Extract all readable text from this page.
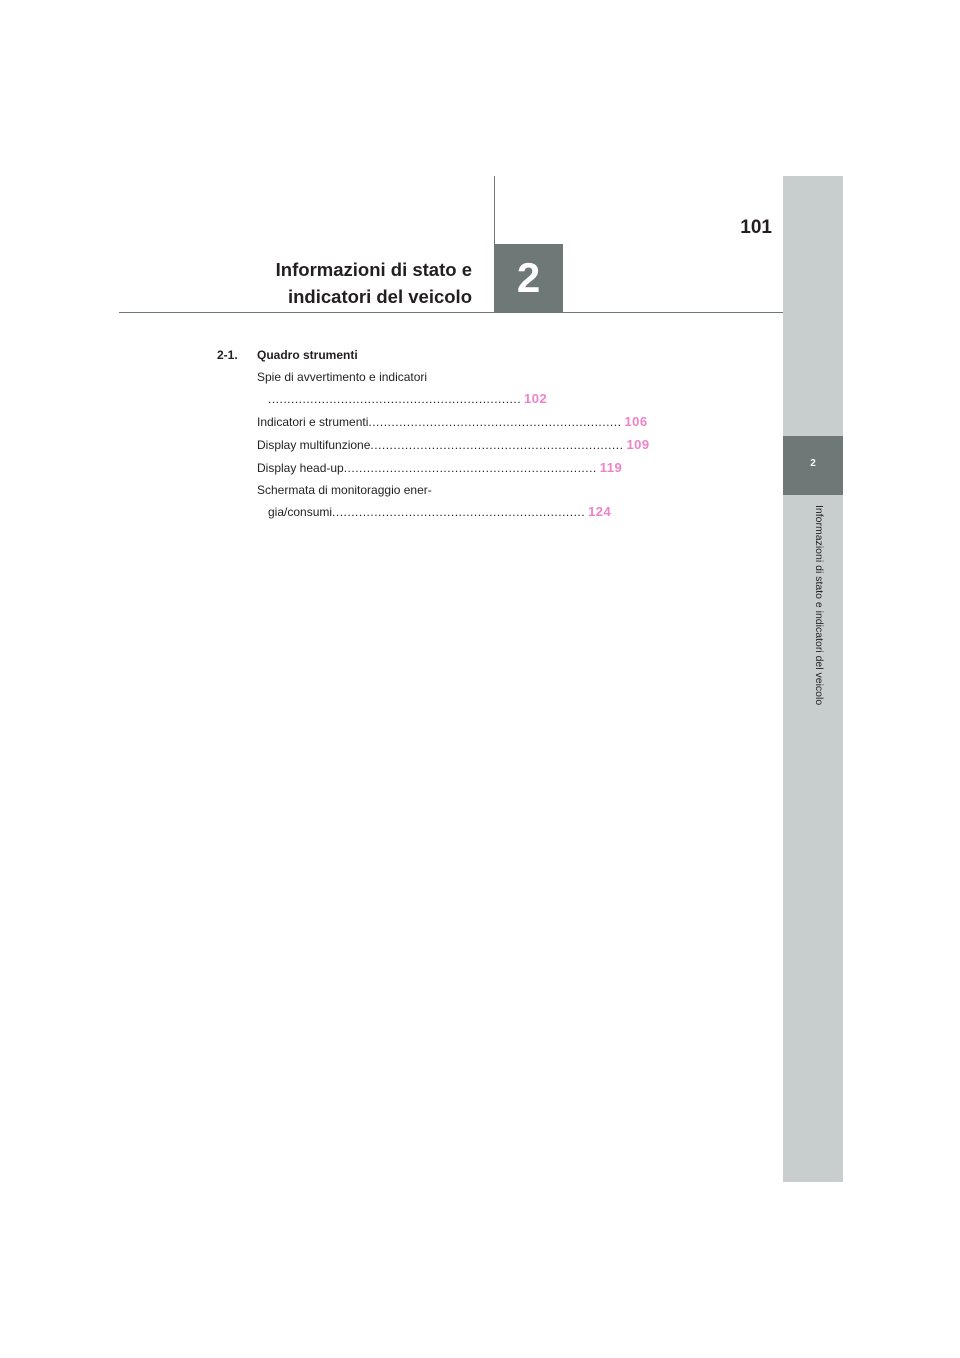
2
Informazioni di stato e indicatori del veicolo
2
101
Informazioni di stato e
indicatori del veicolo
2-1. Quadro strumenti
Spie di avvertimento e indicatori
.................................................................. 102
Indicatori e strumenti .................................................................. 106
Display multifunzione .................................................................. 109
Display head-up .................................................................. 119
Schermata di monitoraggio ener-
gia/consumi .................................................................. 124
